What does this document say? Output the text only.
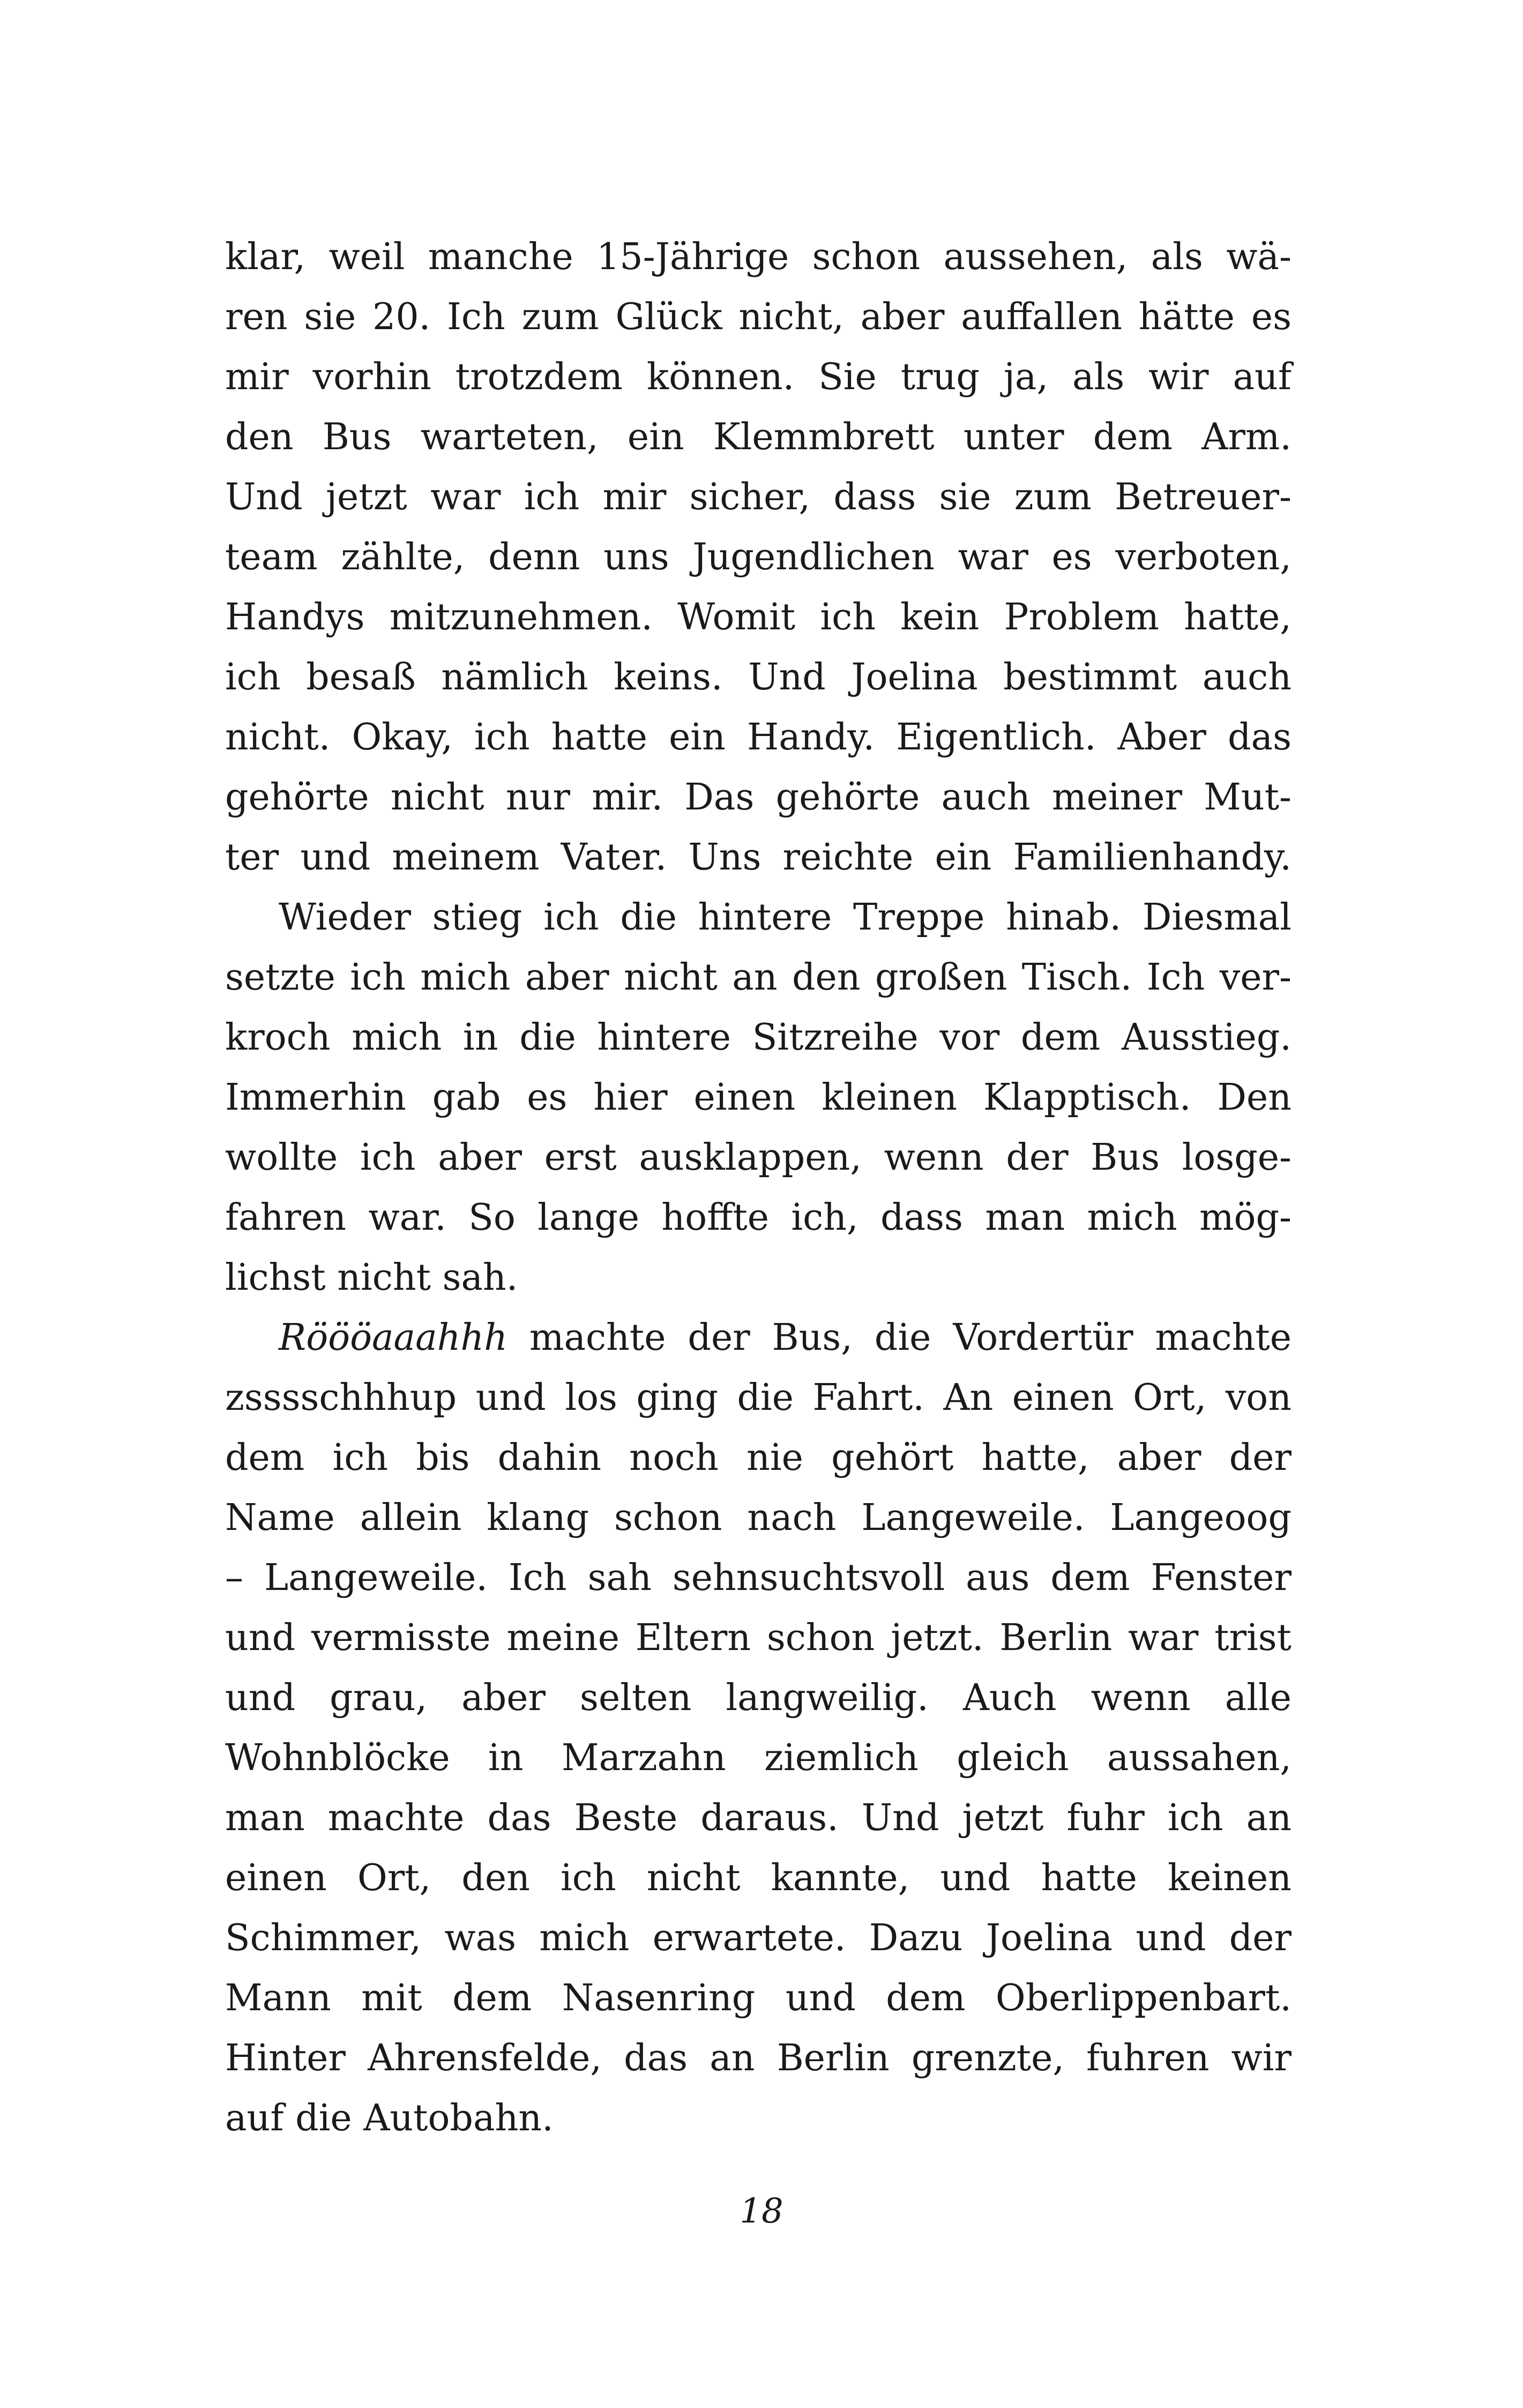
klar, weil manche 15-Jährige schon aussehen, als wä-
ren sie 20. Ich zum Glück nicht, aber auffallen hätte es
mir vorhin trotzdem können. Sie trug ja, als wir auf
den Bus warteten, ein Klemmbrett unter dem Arm.
Und jetzt war ich mir sicher, dass sie zum Betreuer-
team zählte, denn uns Jugendlichen war es verboten,
Handys mitzunehmen. Womit ich kein Problem hatte,
ich besaß nämlich keins. Und Joelina bestimmt auch
nicht. Okay, ich hatte ein Handy. Eigentlich. Aber das
gehörte nicht nur mir. Das gehörte auch meiner Mut-
ter und meinem Vater. Uns reichte ein Familienhandy.
Wieder stieg ich die hintere Treppe hinab. Diesmal
setzte ich mich aber nicht an den großen Tisch. Ich ver-
kroch mich in die hintere Sitzreihe vor dem Ausstieg.
Immerhin gab es hier einen kleinen Klapptisch. Den
wollte ich aber erst ausklappen, wenn der Bus losge-
fahren war. So lange hoffte ich, dass man mich mög-
lichst nicht sah.
Röööaaahhh machte der Bus, die Vordertür machte
zsssschhhup und los ging die Fahrt. An einen Ort, von
dem ich bis dahin noch nie gehört hatte, aber der
Name allein klang schon nach Langeweile. Langeoog
– Langeweile. Ich sah sehnsuchtsvoll aus dem Fenster
und vermisste meine Eltern schon jetzt. Berlin war trist
und grau, aber selten langweilig. Auch wenn alle
Wohnblöcke in Marzahn ziemlich gleich aussahen,
man machte das Beste daraus. Und jetzt fuhr ich an
einen Ort, den ich nicht kannte, und hatte keinen
Schimmer, was mich erwartete. Dazu Joelina und der
Mann mit dem Nasenring und dem Oberlippenbart.
Hinter Ahrensfelde, das an Berlin grenzte, fuhren wir
auf die Autobahn.
18
